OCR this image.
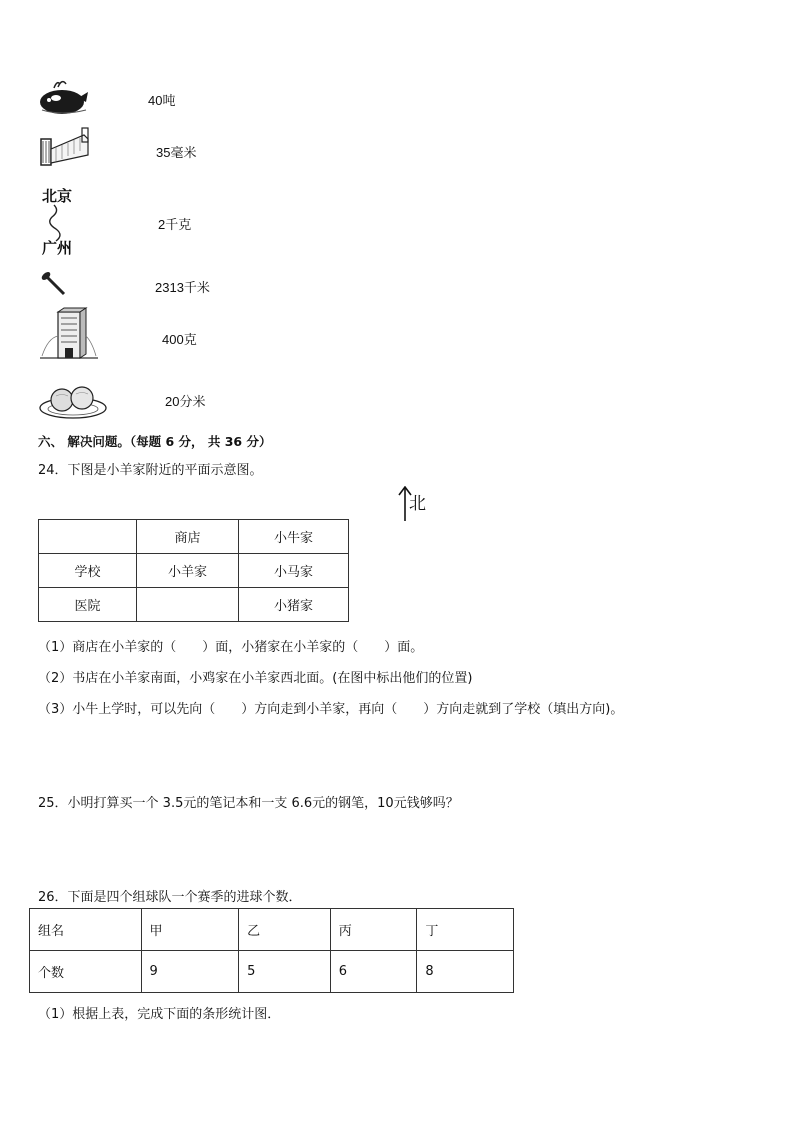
40吨
35毫米
北京
广州
2千克
2313千米
400克
20分米
六、 解决问题。（每题 6 分， 共 36 分）
24．下图是小羊家附近的平面示意图。
北
	商店	小牛家
学校	小羊家	小马家
医院		小猪家
（1）商店在小羊家的（　　）面，小猪家在小羊家的（　　）面。
（2）书店在小羊家南面，小鸡家在小羊家西北面。(在图中标出他们的位置)
（3）小牛上学时，可以先向（　　）方向走到小羊家，再向（　　）方向走就到了学校（填出方向)。
25．小明打算买一个 3.5元的笔记本和一支 6.6元的钢笔，10元钱够吗？
26．下面是四个组球队一个赛季的进球个数．
组名	甲	乙	丙	丁
个数	9	5	6	8
（1）根据上表，完成下面的条形统计图．
